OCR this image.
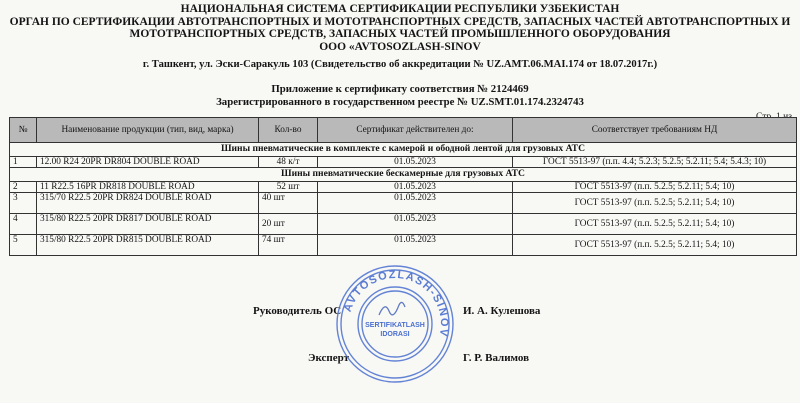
НАЦИОНАЛЬНАЯ СИСТЕМА СЕРТИФИКАЦИИ РЕСПУБЛИКИ УЗБЕКИСТАН
ОРГАН ПО СЕРТИФИКАЦИИ АВТОТРАНСПОРТНЫХ И МОТОТРАНСПОРТНЫХ СРЕДСТВ, ЗАПАСНЫХ ЧАСТЕЙ АВТОТРАНСПОРТНЫХ И
МОТОТРАНСПОРТНЫХ СРЕДСТВ, ЗАПАСНЫХ ЧАСТЕЙ ПРОМЫШЛЕННОГО ОБОРУДОВАНИЯ
ООО «AVTOSOZLASH-SINOV
г. Ташкент, ул. Эски-Саракуль 103 (Свидетельство об аккредитации № UZ.AMT.06.MAI.174 от 18.07.2017г.)
Приложение к сертификату соответствия № 2124469
Зарегистрированного в государственном реестре № UZ.SMT.01.174.2324743
№	Наименование продукции (тип, вид, марка)	Кол-во	Сертификат действителен до:	Соответствует требованиям НД
Шины пневматические в комплекте с камерой и ободной лентой для грузовых АТС				
1	12.00 R24 20PR DR804 DOUBLE ROAD	48 к/т	01.05.2023	ГОСТ 5513-97 (п.п. 4.4; 5.2.3; 5.2.5; 5.2.11; 5.4; 5.4.3; 10)
Шины пневматические бескамерные для грузовых АТС				
2	11 R22.5 16PR DR818 DOUBLE ROAD	52 шт	01.05.2023	ГОСТ 5513-97 (п.п. 5.2.5; 5.2.11; 5.4; 10)
3	315/70 R22.5 20PR DR824 DOUBLE ROAD	40 шт	01.05.2023	ГОСТ 5513-97 (п.п. 5.2.5; 5.2.11; 5.4; 10)
4	315/80 R22.5 20PR DR817 DOUBLE ROAD	20 шт	01.05.2023	ГОСТ 5513-97 (п.п. 5.2.5; 5.2.11; 5.4; 10)
5	315/80 R22.5 20PR DR815 DOUBLE ROAD	74 шт	01.05.2023	ГОСТ 5513-97 (п.п. 5.2.5; 5.2.11; 5.4; 10)
Руководитель ОС	И. А. Кулешова
Эксперт	Г. Р. Валимов
AVTOSOZLASH-SINOV
SERTIFIKATLASH
IDORASI
